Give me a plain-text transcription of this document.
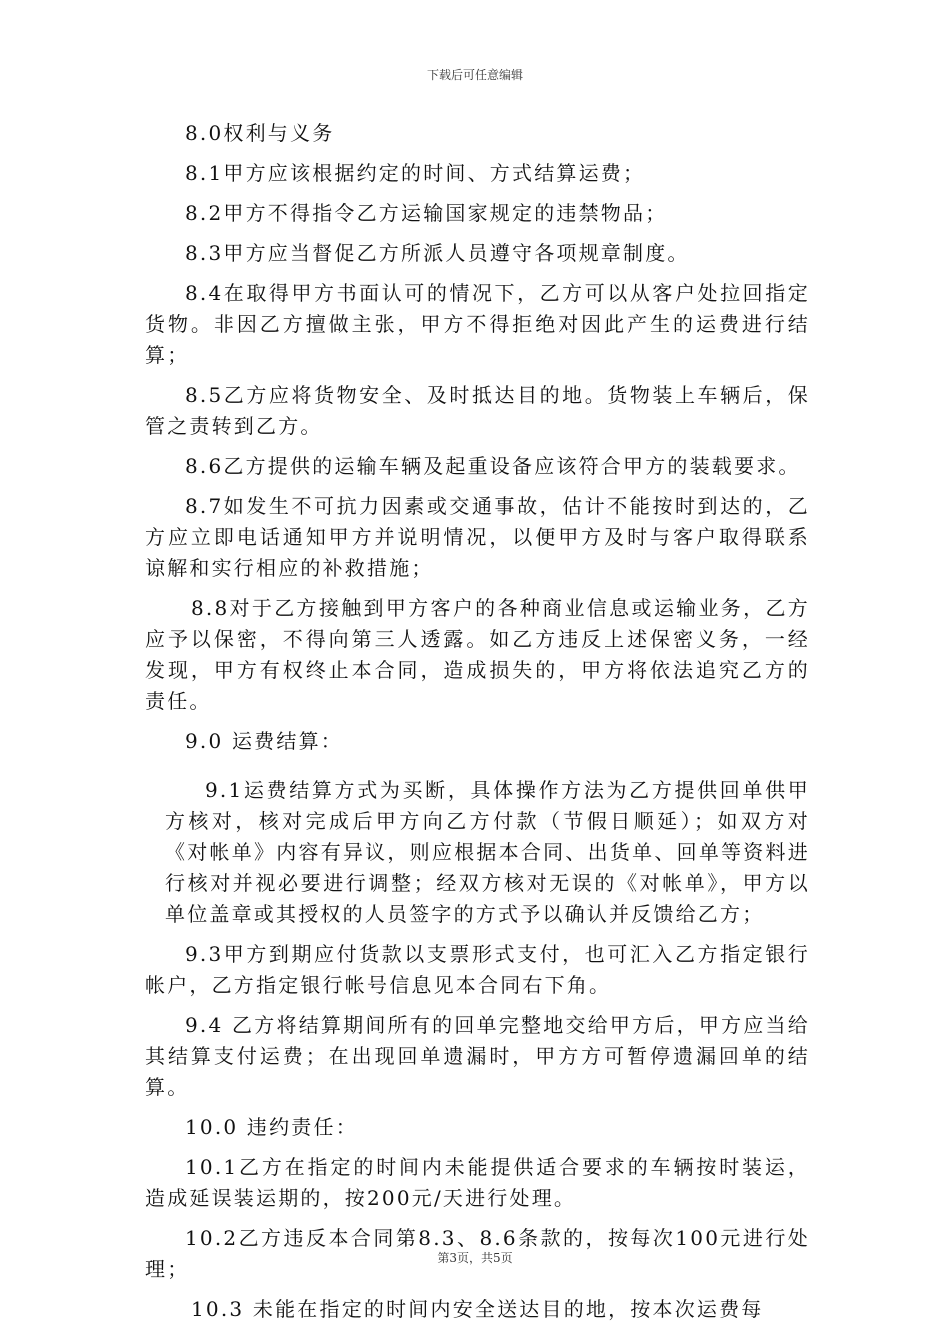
下载后可任意编辑

8.0权利与义务

8.1甲方应该根据约定的时间、方式结算运费；

8.2甲方不得指令乙方运输国家规定的违禁物品；

8.3甲方应当督促乙方所派人员遵守各项规章制度。

8.4在取得甲方书面认可的情况下，乙方可以从客户处拉回指定货物。非因乙方擅做主张，甲方不得拒绝对因此产生的运费进行结算；

8.5乙方应将货物安全、及时抵达目的地。货物装上车辆后，保管之责转到乙方。

8.6乙方提供的运输车辆及起重设备应该符合甲方的装载要求。

8.7如发生不可抗力因素或交通事故，估计不能按时到达的，乙方应立即电话通知甲方并说明情况，以便甲方及时与客户取得联系谅解和实行相应的补救措施；

8.8对于乙方接触到甲方客户的各种商业信息或运输业务，乙方应予以保密，不得向第三人透露。如乙方违反上述保密义务，一经发现，甲方有权终止本合同，造成损失的，甲方将依法追究乙方的责任。

9.0 运费结算：

9.1运费结算方式为买断，具体操作方法为乙方提供回单供甲方核对，核对完成后甲方向乙方付款（节假日顺延）；如双方对《对帐单》内容有异议，则应根据本合同、出货单、回单等资料进行核对并视必要进行调整；经双方核对无误的《对帐单》，甲方以单位盖章或其授权的人员签字的方式予以确认并反馈给乙方；

9.3甲方到期应付货款以支票形式支付，也可汇入乙方指定银行帐户，乙方指定银行帐号信息见本合同右下角。

9.4 乙方将结算期间所有的回单完整地交给甲方后，甲方应当给其结算支付运费；在出现回单遗漏时，甲方方可暂停遗漏回单的结算。

10.0 违约责任：

10.1乙方在指定的时间内未能提供适合要求的车辆按时装运，造成延误装运期的，按200元/天进行处理。

10.2乙方违反本合同第8.3、8.6条款的，按每次100元进行处理；

10.3 未能在指定的时间内安全送达目的地，按本次运费每

第3页，共5页
